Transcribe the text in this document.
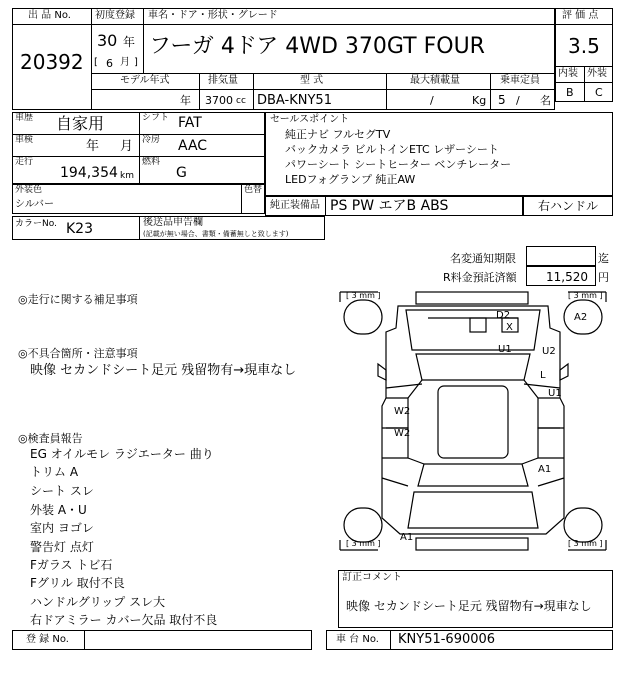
出 品 No.
20392
初度登録 車名・ドア・形状・グレード
30 年
[ 6 月 ]
フーガ 4ドア 4WD 370GT FOUR
評 価 点
3.5
内装 外装
B C
モデル年式	排気量	型 式	最大積載量	乗車定員
年 3700 cc DBA-KNY51	/	Kg 5 / 名
車歴 自家用	シフト FAT
車検	年 月 冷房 AAC
走行
194,354 km
燃料
G
外装色
シルバー
色替
カラーNo. K23	後送品申告欄
(記載が無い場合、書類・備蓄無しと致します)
セールスポイント
純正ナビ フルセグTV
バックカメラ ビルトインETC レザーシート
パワーシート シートヒーター ベンチレーター
LEDフォグランプ 純正AW
純正装備品 PS PW エアB ABS	右ハンドル
名変通知期限	迄
R料金預託済額 11,520 円
◎走行に関する補足事項
◎不具合箇所・注意事項
映像 セカンドシート足元 残留物有→現車なし
◎検査員報告
EG オイルモレ ラジエーター 曲り
トリム A
シート スレ
外装 A・U
室内 ヨゴレ
警告灯 点灯
Fガラス トビ石
Fグリル 取付不良
ハンドルグリップ スレ大
右ドアミラー カバー欠品 取付不良
[ 3 mm ]	[ 3 mm ]
[ 3 mm ]	[ 3 mm ]
D2
X
A2
U1	U2
L
U1
W2
W2
A1
A1
訂正コメント
映像 セカンドシート足元 残留物有→現車なし
登 録 No.	車 台 No. KNY51-690006
